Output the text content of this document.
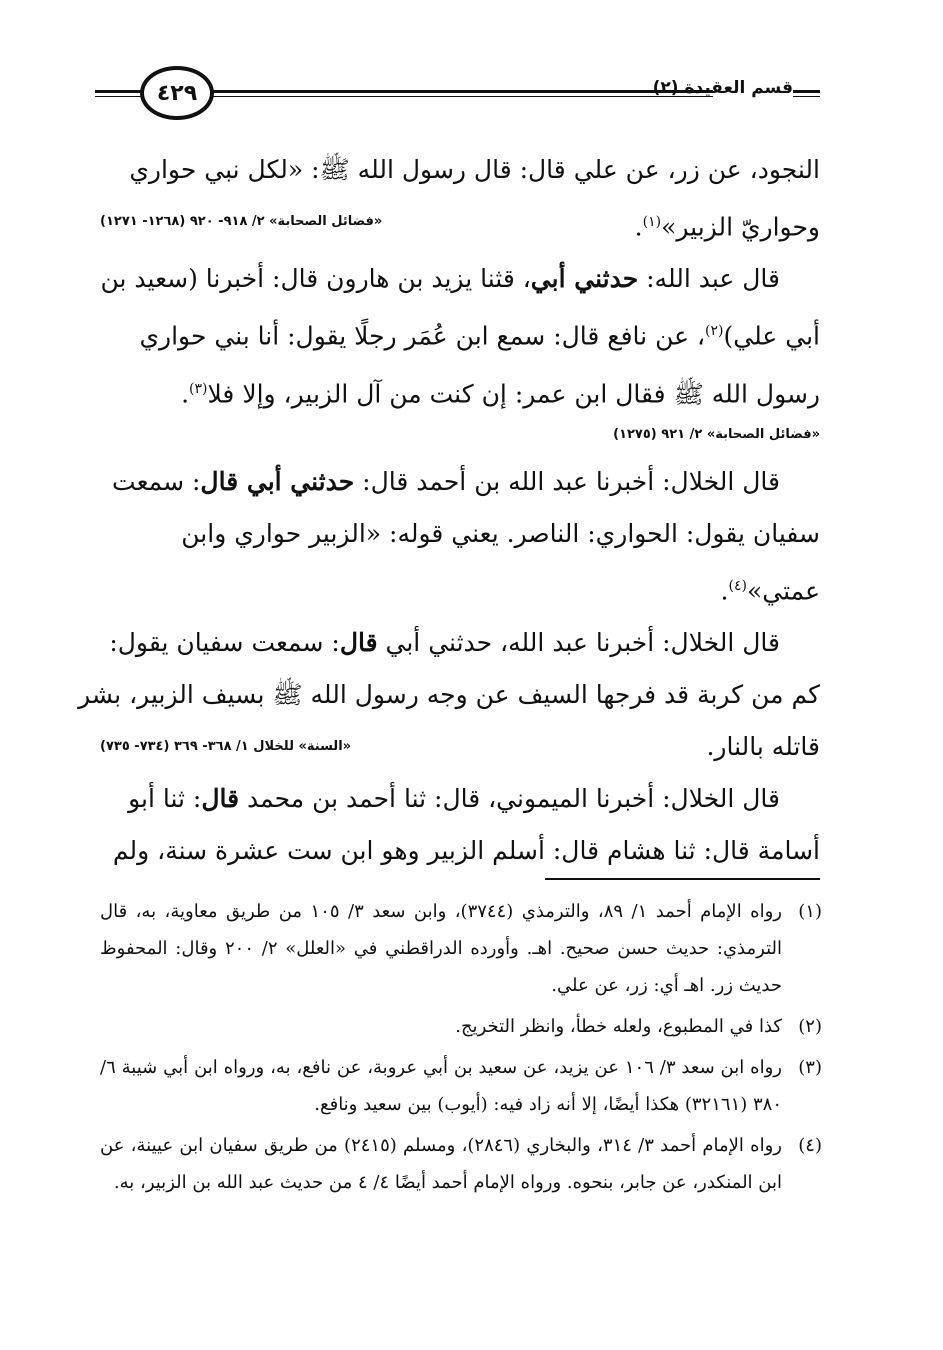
٤٢٩	قسم العقيدة (٢)
النجود، عن زر، عن علي قال: قال رسول الله ﷺ: «لكل نبي حواري
وحواريّ الزبير»$^{(١)}$.
«فضائل الصحابة» ٢/ ٩١٨- ٩٢٠ (١٢٦٨- ١٢٧١)
قال عبد الله: حدثني أبي، قثنا يزيد بن هارون قال: أخبرنا (سعيد بن
أبي علي)$^{(٢)}$، عن نافع قال: سمع ابن عُمَر رجلًا يقول: أنا بني حواري
رسول الله ﷺ فقال ابن عمر: إن كنت من آل الزبير، وإلا فلا$^{(٣)}$.
«فضائل الصحابة» ٢/ ٩٢١ (١٢٧٥)
قال الخلال: أخبرنا عبد الله بن أحمد قال: حدثني أبي قال: سمعت
سفيان يقول: الحواري: الناصر. يعني قوله: «الزبير حواري وابن
عمتي»$^{(٤)}$.
قال الخلال: أخبرنا عبد الله، حدثني أبي قال: سمعت سفيان يقول:
كم من كربة قد فرجها السيف عن وجه رسول الله ﷺ بسيف الزبير، بشر
قاتله بالنار.
«السنة» للخلال ١/ ٣٦٨- ٣٦٩ (٧٣٤- ٧٣٥)
قال الخلال: أخبرنا الميموني، قال: ثنا أحمد بن محمد قال: ثنا أبو
أسامة قال: ثنا هشام قال: أسلم الزبير وهو ابن ست عشرة سنة، ولم
(١)
رواه الإمام أحمد ١/ ٨٩، والترمذي (٣٧٤٤)، وابن سعد ٣/ ١٠٥ من طريق معاوية، به، قال الترمذي: حديث حسن صحيح. اهـ. وأورده الدراقطني في «العلل» ٢/ ٢٠٠ وقال: المحفوظ حديث زر. اهـ أي: زر، عن علي.
(٢)
كذا في المطبوع، ولعله خطأ، وانظر التخريج.
(٣)
رواه ابن سعد ٣/ ١٠٦ عن يزيد، عن سعيد بن أبي عروبة، عن نافع، به، ورواه ابن أبي شيبة ٦/ ٣٨٠ (٣٢١٦١) هكذا أيضًا، إلا أنه زاد فيه: (أيوب) بين سعيد ونافع.
(٤)
رواه الإمام أحمد ٣/ ٣١٤، والبخاري (٢٨٤٦)، ومسلم (٢٤١٥) من طريق سفيان ابن عيينة، عن ابن المنكدر، عن جابر، بنحوه. ورواه الإمام أحمد أيضًا ٤/ ٤ من حديث عبد الله بن الزبير، به.
